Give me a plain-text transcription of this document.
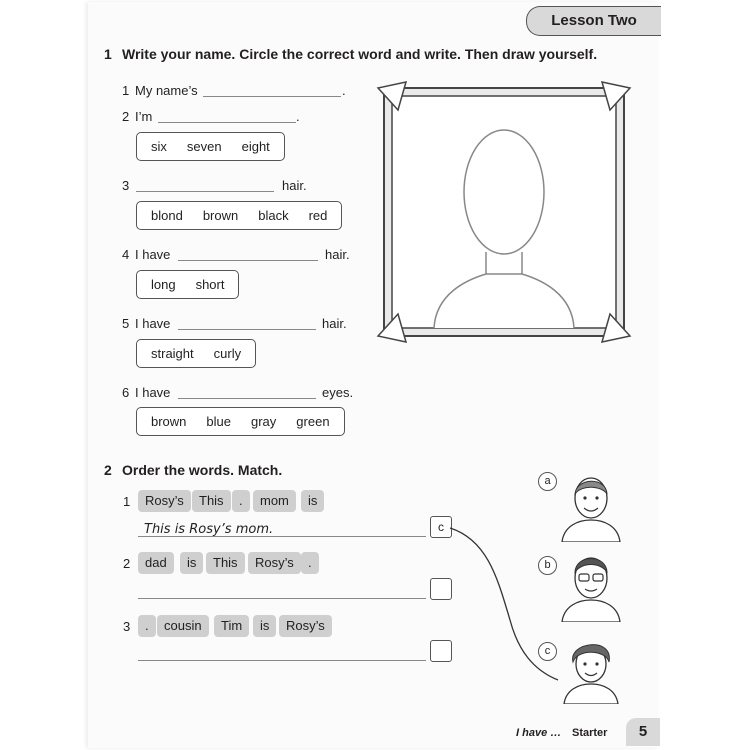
Lesson Two
1 Write your name. Circle the correct word and write. Then draw yourself.
1 My name’s	.
2 I’m	.
six seven eight
3	hair.
blond brown black red
4 I have	hair.
long short
5 I have	hair.
straight curly
6 I have	eyes.
brown blue gray green
2 Order the words. Match.
1	Rosy’s	This	.	mom	is
This is Rosy’s mom.	c
2	dad	is	This	Rosy’s	.
3	.	cousin	Tim	is	Rosy’s
a
b
c
I have … Starter	5
